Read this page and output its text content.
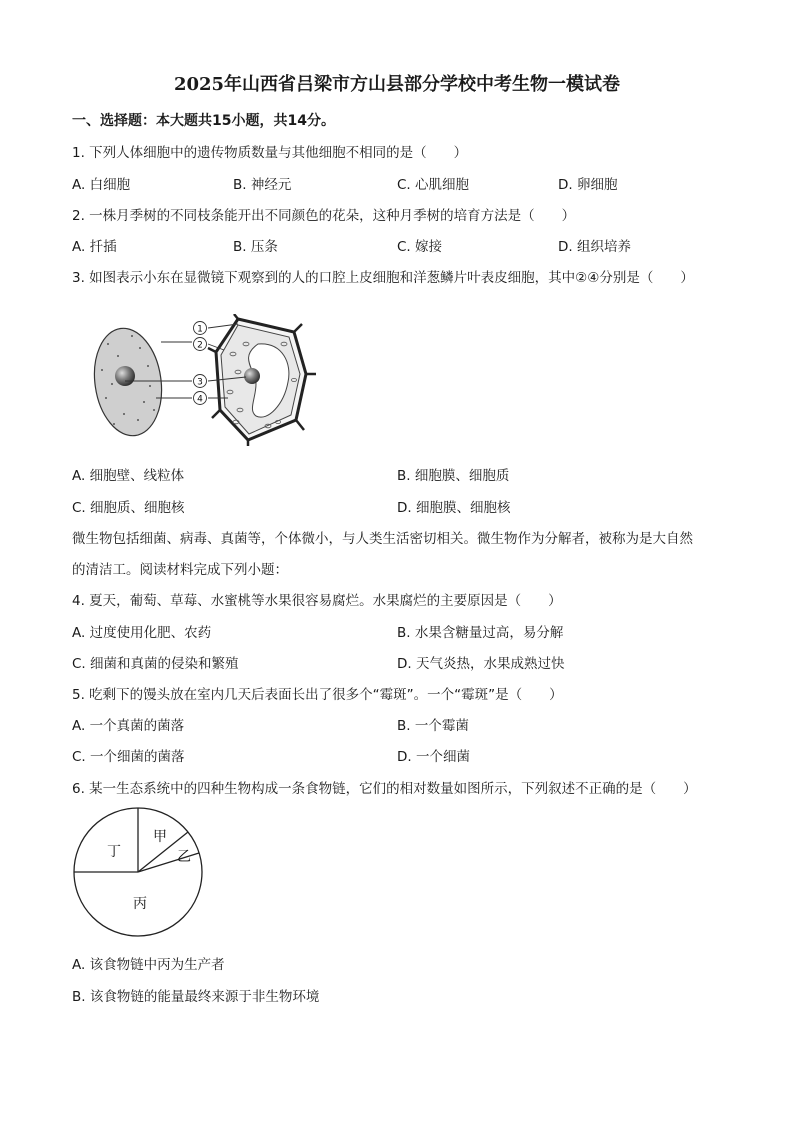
2025年山西省吕梁市方山县部分学校中考生物一模试卷
一、选择题：本大题共15小题，共14分。
1. 下列人体细胞中的遗传物质数量与其他细胞不相同的是（　　）
A. 白细胞	B. 神经元	C. 心肌细胞	D. 卵细胞
2. 一株月季树的不同枝条能开出不同颜色的花朵，这种月季树的培育方法是（　　）
A. 扦插	B. 压条	C. 嫁接	D. 组织培养
3. 如图表示小东在显微镜下观察到的人的口腔上皮细胞和洋葱鳞片叶表皮细胞，其中②④分别是（　　）
1
2
3
4
A. 细胞壁、线粒体	B. 细胞膜、细胞质
C. 细胞质、细胞核	D. 细胞膜、细胞核
微生物包括细菌、病毒、真菌等，个体微小，与人类生活密切相关。微生物作为分解者，被称为是大自然
的清洁工。阅读材料完成下列小题：
4. 夏天，葡萄、草莓、水蜜桃等水果很容易腐烂。水果腐烂的主要原因是（　　）
A. 过度使用化肥、农药	B. 水果含糖量过高，易分解
C. 细菌和真菌的侵染和繁殖	D. 天气炎热，水果成熟过快
5. 吃剩下的馒头放在室内几天后表面长出了很多个“霉斑”。一个“霉斑”是（　　）
A. 一个真菌的菌落	B. 一个霉菌
C. 一个细菌的菌落	D. 一个细菌
6. 某一生态系统中的四种生物构成一条食物链，它们的相对数量如图所示，下列叙述不正确的是（　　）
甲
乙
丙
丁
A. 该食物链中丙为生产者
B. 该食物链的能量最终来源于非生物环境
